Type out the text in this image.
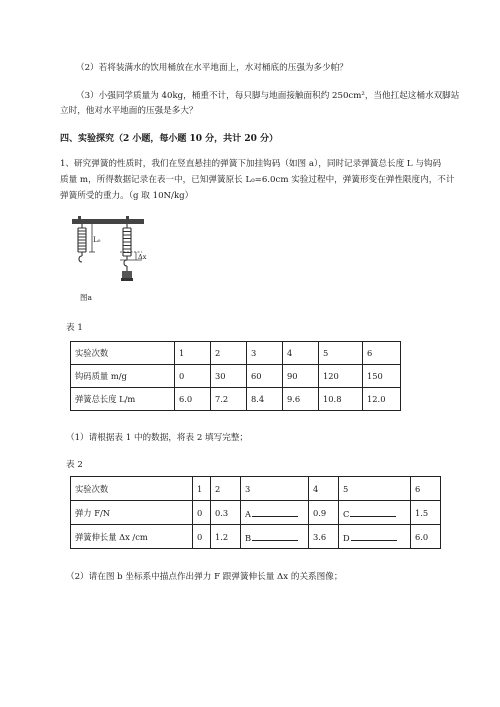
（2）若将装满水的饮用桶放在水平地面上，水对桶底的压强为多少帕？
（3）小强同学质量为 40kg，桶重不计，每只脚与地面接触面积约 250cm²，当他扛起这桶水双脚站
立时，他对水平地面的压强是多大？
四、实验探究（2 小题，每小题 10 分，共计 20 分）
1、研究弹簧的性质时，我们在竖直悬挂的弹簧下加挂钩码（如图 a），同时记录弹簧总长度 L 与钩码
质量 m，所得数据记录在表一中，已知弹簧原长 L₀=6.0cm 实验过程中，弹簧形变在弹性限度内，不计
弹簧所受的重力。（g 取 10N/kg）
L₀
Δx
图a
表 1
实验次数	1	2	3	4	5	6
钩码质量 m/g	0	30	60	90	120	150
弹簧总长度 L/m	6.0	7.2	8.4	9.6	10.8	12.0
（1）请根据表 1 中的数据，将表 2 填写完整；
表 2
实验次数	1	2	3	4	5	6
弹力 F/N	0	0.3	A	0.9	C	1.5
弹簧伸长量 Δx /cm	0	1.2	B	3.6	D	6.0
（2）请在图 b 坐标系中描点作出弹力 F 跟弹簧伸长量 Δx 的关系图像；
